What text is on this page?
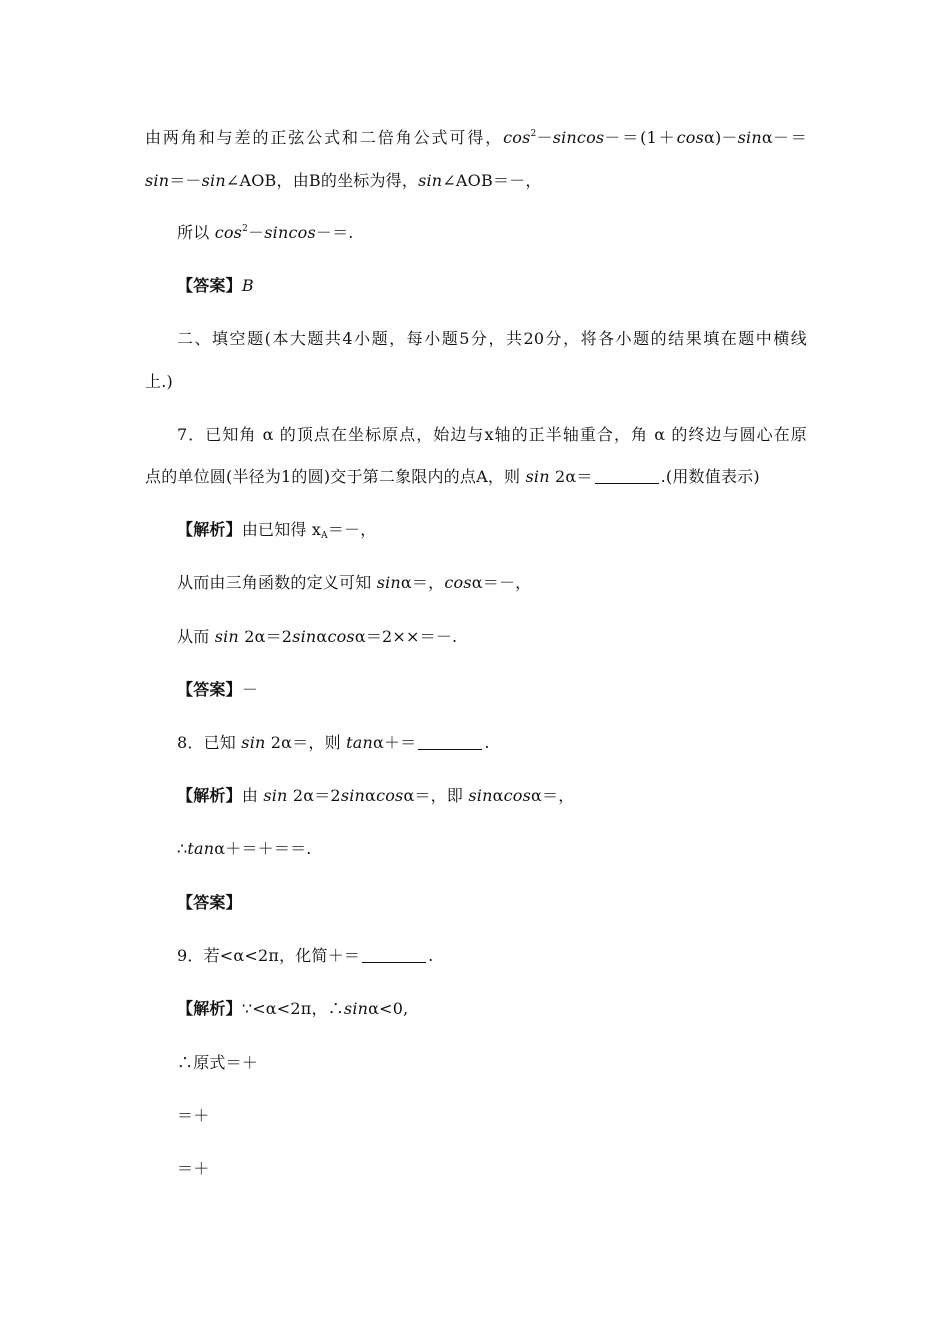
由两角和与差的正弦公式和二倍角公式可得，$\cos^2-sincos-=(1+\cos\alpha)-\sin\alpha-=$
sin＝－sin∠AOB，由B的坐标为得，sin∠AOB＝－，
所以 $\cos^2-sincos-=$.
【答案】B
二、填空题(本大题共4小题，每小题5分，共20分，将各小题的结果填在题中横线
上.)
7．已知角 α 的顶点在坐标原点，始边与x轴的正半轴重合，角 α 的终边与圆心在原
点的单位圆(半径为1的圆)交于第二象限内的点A，则 sin 2α＝	.(用数值表示)
【解析】由已知得 $x_A=-$，
从而由三角函数的定义可知 sinα＝，cosα＝－，
从而 sin 2α＝2sinαcosα＝2××＝－.
【答案】－
8．已知 sin 2α＝，则 tanα＋＝	.
【解析】由 sin 2α＝2sinαcosα＝，即 sinαcosα＝，
∴tanα＋＝＋＝＝.
【答案】
9．若<α<2π，化简＋＝	.
【解析】∵<α<2π，∴sinα<0,
∴原式＝＋
＝＋
＝＋
